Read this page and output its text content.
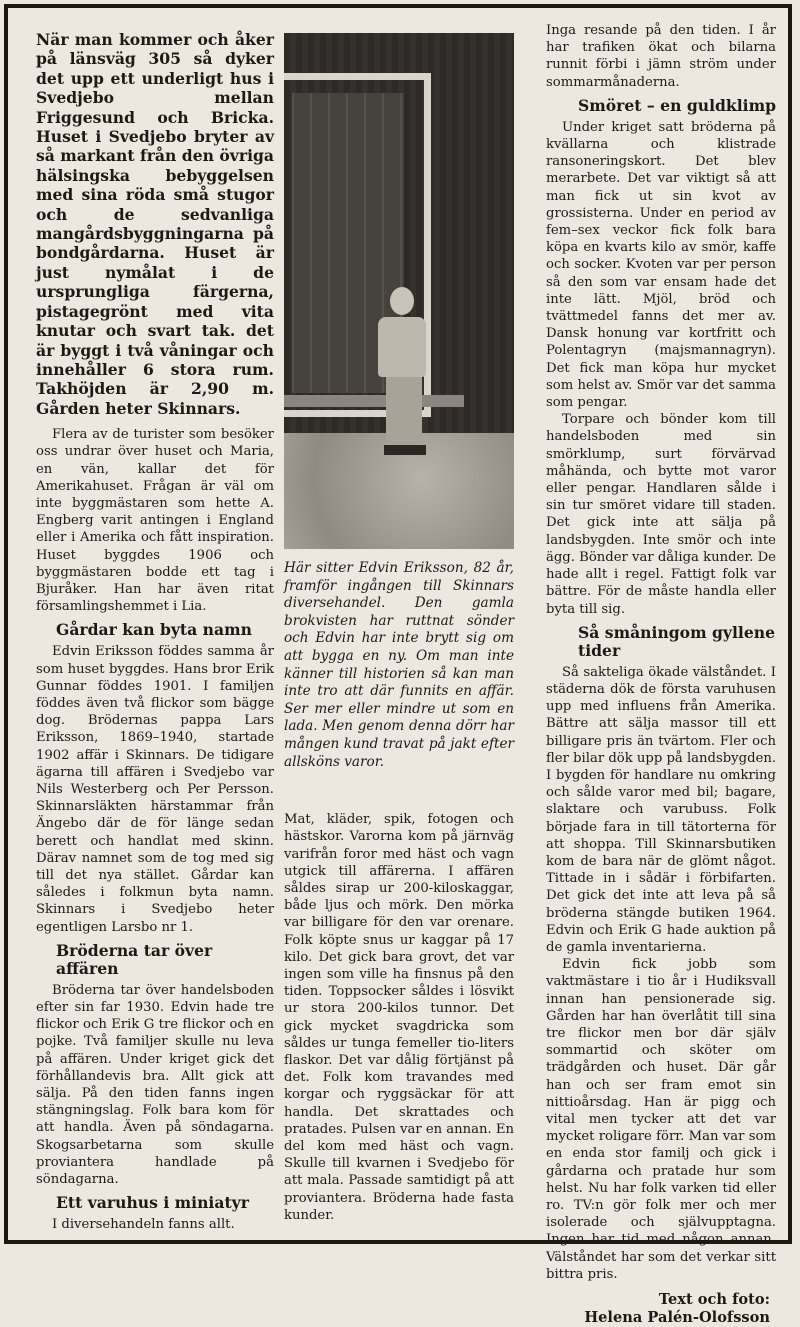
När man kommer och åker på länsväg 305 så dyker det upp ett underligt hus i Svedjebo mellan Friggesund och Bricka. Huset i Svedjebo bryter av så markant från den övriga hälsingska bebyggelsen med sina röda små stugor och de sedvanliga mangårdsbyggningarna på bondgårdarna. Huset är just nymålat i de ursprungliga färgerna, pistagegrönt med vita knutar och svart tak. det är byggt i två våningar och innehåller 6 stora rum. Takhöjden är 2,90 m. Gården heter Skinnars.

Flera av de turister som besöker oss undrar över huset och Maria, en vän, kallar det för Amerikahuset. Frågan är väl om inte byggmästaren som hette A. Engberg varit antingen i England eller i Amerika och fått inspiration. Huset byggdes 1906 och byggmästaren bodde ett tag i Bjuråker. Han har även ritat församlingshemmet i Lia.

Gårdar kan byta namn

Edvin Eriksson föddes samma år som huset byggdes. Hans bror Erik Gunnar föddes 1901. I familjen föddes även två flickor som bägge dog. Brödernas pappa Lars Eriksson, 1869–1940, startade 1902 affär i Skinnars. De tidigare ägarna till affären i Svedjebo var Nils Westerberg och Per Persson. Skinnarsläkten härstammar från Ängebo där de för länge sedan berett och handlat med skinn. Därav namnet som de tog med sig till det nya stället. Gårdar kan således i folkmun byta namn. Skinnars i Svedjebo heter egentligen Larsbo nr 1.

Bröderna tar över affären

Bröderna tar över handelsboden efter sin far 1930. Edvin hade tre flickor och Erik G tre flickor och en pojke. Två familjer skulle nu leva på affären. Under kriget gick det förhållandevis bra. Allt gick att sälja. På den tiden fanns ingen stängningslag. Folk bara kom för att handla. Även på söndagarna. Skogsarbetarna som skulle proviantera handlade på söndagarna.

Ett varuhus i miniatyr

I diversehandeln fanns allt.

Här sitter Edvin Eriksson, 82 år, framför ingången till Skinnars diversehandel. Den gamla brokvisten har ruttnat sönder och Edvin har inte brytt sig om att bygga en ny. Om man inte känner till historien så kan man inte tro att där funnits en affär. Ser mer eller mindre ut som en lada. Men genom denna dörr har mången kund travat på jakt efter allsköns varor.

Mat, kläder, spik, fotogen och hästskor. Varorna kom på järnväg varifrån foror med häst och vagn utgick till affärerna. I affären såldes sirap ur 200-kiloskaggar, både ljus och mörk. Den mörka var billigare för den var orenare. Folk köpte snus ur kaggar på 17 kilo. Det gick bara grovt, det var ingen som ville ha finsnus på den tiden. Toppsocker såldes i lösvikt ur stora 200-kilos tunnor. Det gick mycket svagdricka som såldes ur tunga femeller tio-liters flaskor. Det var dålig förtjänst på det. Folk kom travandes med korgar och ryggsäckar för att handla. Det skrattades och pratades. Pulsen var en annan. En del kom med häst och vagn. Skulle till kvarnen i Svedjebo för att mala. Passade samtidigt på att proviantera. Bröderna hade fasta kunder.

Inga resande på den tiden. I år har trafiken ökat och bilarna runnit förbi i jämn ström under sommarmånaderna.

Smöret – en guldklimp

Under kriget satt bröderna på kvällarna och klistrade ransoneringskort. Det blev merarbete. Det var viktigt så att man fick ut sin kvot av grossisterna. Under en period av fem–sex veckor fick folk bara köpa en kvarts kilo av smör, kaffe och socker. Kvoten var per person så den som var ensam hade det inte lätt. Mjöl, bröd och tvättmedel fanns det mer av. Dansk honung var kortfritt och Polentagryn (majsmannagryn). Det fick man köpa hur mycket som helst av. Smör var det samma som pengar.

Torpare och bönder kom till handelsboden med sin smörklump, surt förvärvad måhända, och bytte mot varor eller pengar. Handlaren sålde i sin tur smöret vidare till staden. Det gick inte att sälja på landsbygden. Inte smör och inte ägg. Bönder var dåliga kunder. De hade allt i regel. Fattigt folk var bättre. För de måste handla eller byta till sig.

Så småningom gyllene tider

Så sakteliga ökade välståndet. I städerna dök de första varuhusen upp med influens från Amerika. Bättre att sälja massor till ett billigare pris än tvärtom. Fler och fler bilar dök upp på landsbygden. I bygden för handlare nu omkring och sålde varor med bil; bagare, slaktare och varubuss. Folk började fara in till tätorterna för att shoppa. Till Skinnarsbutiken kom de bara när de glömt något. Tittade in i sådär i förbifarten. Det gick det inte att leva på så bröderna stängde butiken 1964. Edvin och Erik G hade auktion på de gamla inventarierna.

Edvin fick jobb som vaktmästare i tio år i Hudiksvall innan han pensionerade sig. Gården har han överlåtit till sina tre flickor men bor där själv sommartid och sköter om trädgården och huset. Där går han och ser fram emot sin nittioårsdag. Han är pigg och vital men tycker att det var mycket roligare förr. Man var som en enda stor familj och gick i gårdarna och pratade hur som helst. Nu har folk varken tid eller ro. TV:n gör folk mer och mer isolerade och självupptagna. Ingen har tid med någon annan. Välståndet har som det verkar sitt bittra pris.

Text och foto:
Helena Palén-Olofsson
